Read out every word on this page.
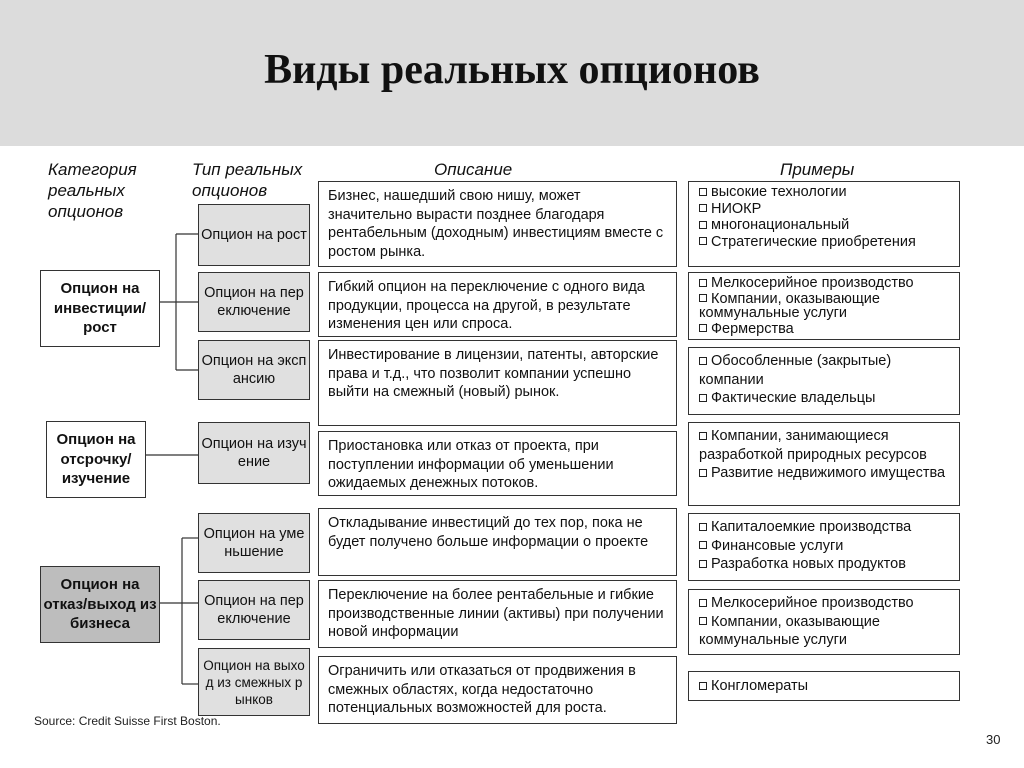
Виды реальных опционов
Категория реальных опционов
Тип реальных опционов
Описание	Примеры
Опцион на инвестиции/ рост
Опцион на отсрочку/ изучение
Опцион на отказ/выход из бизнеса
Опцион на рост
Опцион на переключение
Опцион на экспансию
Опцион на изучение
Опцион на уменьшение
Опцион на переключение
Опцион на выход из смежных рынков
Бизнес, нашедший свою нишу, может значительно вырасти позднее благодаря рентабельным (доходным) инвестициям вместе с ростом рынка.
Гибкий опцион на переключение с одного вида продукции, процесса на другой, в результате изменения цен или спроса.
Инвестирование в лицензии, патенты, авторские права и т.д., что позволит компании успешно выйти на смежный (новый) рынок.
Приостановка или отказ от проекта, при поступлении информации об уменьшении ожидаемых денежных потоков.
Откладывание инвестиций до тех пор, пока не будет получено больше информации о проекте
Переключение на более рентабельные и гибкие производственные линии (активы) при получении новой информации
Ограничить или отказаться от продвижения в смежных областях, когда недостаточно потенциальных возможностей для роста.
высокие технологии
НИОКР
многонациональный
Стратегические приобретения
Мелкосерийное производство
Компании, оказывающие коммунальные услуги
Фермерства
Обособленные (закрытые) компании
Фактические владельцы
Компании, занимающиеся разработкой природных ресурсов
Развитие недвижимого имущества
Капиталоемкие производства
Финансовые услуги
Разработка новых продуктов
Мелкосерийное производство
Компании, оказывающие коммунальные услуги
Конгломераты
Source: Credit Suisse First Boston.
30
